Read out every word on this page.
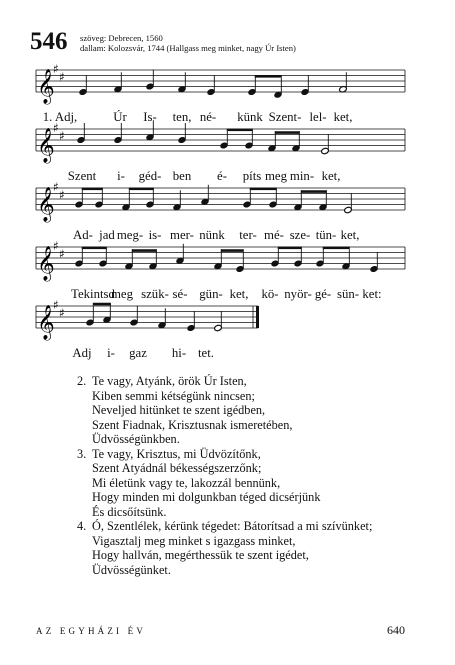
546 szöveg: Debrecen, 1560
dallam: Kolozsvár, 1744 (Hallgass meg minket, nagy Úr Isten)
𝄞
♯
♯
1. Adj,	Úr Is- ten, né- künk Szent- lel- ket,
𝄞
♯
♯
Szent i- géd- ben é- píts meg min- ket,
𝄞
♯
♯
Ad- jad meg- is- mer- nünk ter- mé- sze- tün- ket,
𝄞
♯
♯
Tekintsd
meg szük- sé- gün- ket, kö- nyör- gé- sün- ket:
𝄞
♯
♯
Adj i- gaz hi- tet.
2. Te vagy, Atyánk, örök Úr Isten,
Kiben semmi kétségünk nincsen;
Neveljed hitünket te szent igédben,
Szent Fiadnak, Krisztusnak ismeretében,
Üdvösségünkben.
3. Te vagy, Krisztus, mi Üdvözítőnk,
Szent Atyádnál békességszerzőnk;
Mi életünk vagy te, lakozzál bennünk,
Hogy minden mi dolgunkban téged dicsérjünk
És dicsőítsünk.
4. Ó, Szentlélek, kérünk tégedet: Bátorítsad a mi szívünket;
Vigasztalj meg minket s igazgass minket,
Hogy hallván, megérthessük te szent igédet,
Üdvösségünket.
AZ EGYHÁZI ÉV	640
